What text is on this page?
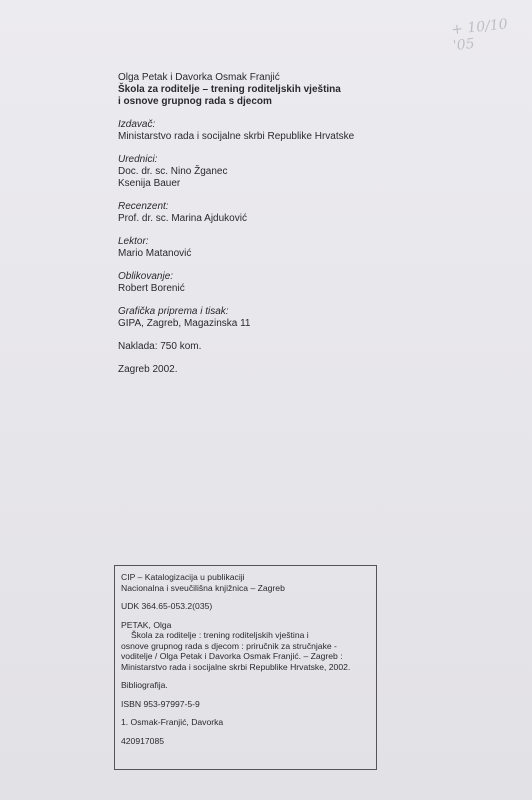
+ 10/10 '05
Olga Petak i Davorka Osmak Franjić
Škola za roditelje – trening roditeljskih vještina
i osnove grupnog rada s djecom
Izdavač:
Ministarstvo rada i socijalne skrbi Republike Hrvatske
Urednici:
Doc. dr. sc. Nino Žganec
Ksenija Bauer
Recenzent:
Prof. dr. sc. Marina Ajduković
Lektor:
Mario Matanović
Oblikovanje:
Robert Borenić
Grafička priprema i tisak:
GIPA, Zagreb, Magazinska 11
Naklada: 750 kom.
Zagreb 2002.
CIP – Katalogizacija u publikaciji
Nacionalna i sveučilišna knjižnica – Zagreb
UDK 364.65-053.2(035)
PETAK, Olga
Škola za roditelje : trening roditeljskih vještina i
osnove grupnog rada s djecom : priručnik za stručnjake -
voditelje / Olga Petak i Davorka Osmak Franjić. – Zagreb :
Ministarstvo rada i socijalne skrbi Republike Hrvatske, 2002.
Bibliografija.
ISBN 953-97997-5-9
1. Osmak-Franjić, Davorka
420917085
